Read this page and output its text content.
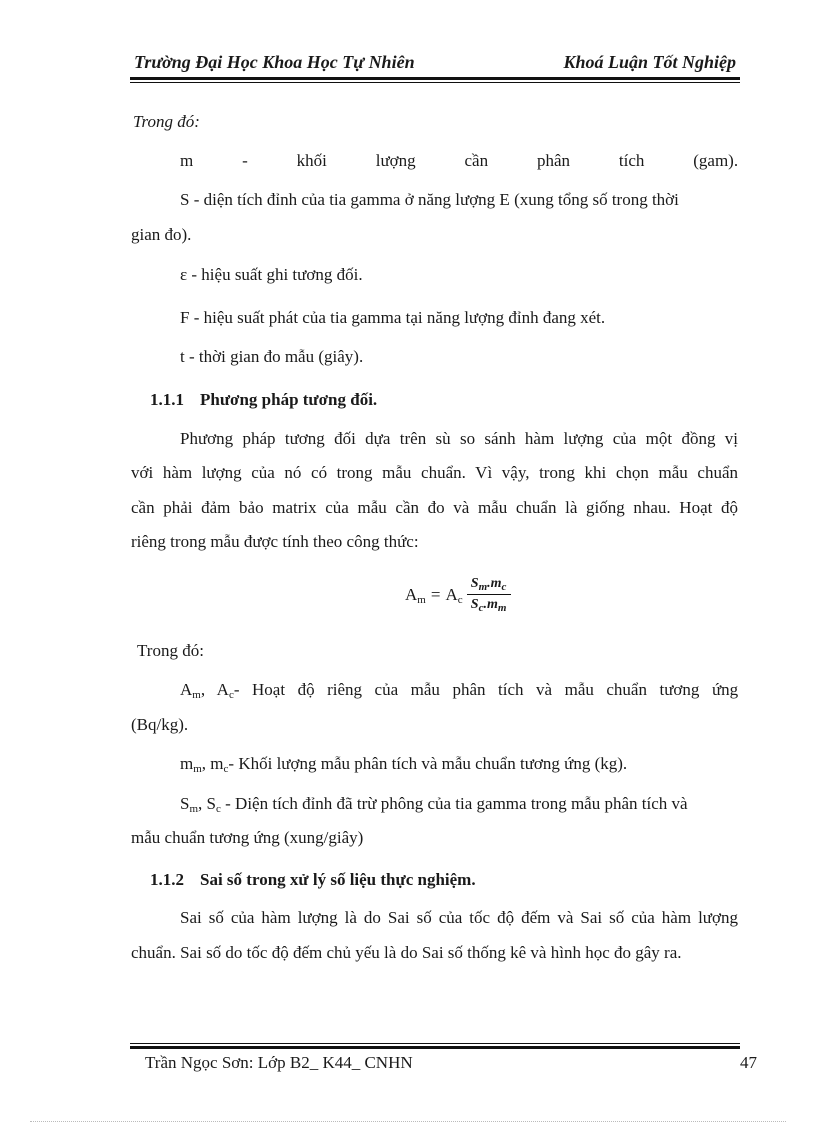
Trường Đại Học Khoa Học Tự Nhiên	Khoá Luận Tốt Nghiệp
Trong đó:
m	-	khối	lượng	cần	phân	tích	(gam).
S - diện tích đỉnh của tia gamma ở năng lượng E (xung tổng số trong thời
gian đo).
ε - hiệu suất ghi tương đối.
F - hiệu suất phát của tia gamma tại năng lượng đỉnh đang xét.
t - thời gian đo mẫu (giây).
1.1.1 Phương pháp tương đối.
Phương pháp tương đối dựa trên sù so sánh hàm lượng của một đồng vị
với hàm lượng của nó có trong mẫu chuẩn. Vì vậy, trong khi chọn mẫu chuẩn
cần phải đảm bảo matrix của mẫu cần đo và mẫu chuẩn là giống nhau. Hoạt độ
riêng trong mẫu được tính theo công thức:
$A_m = A_c \frac{S_m.m_c}{S_c.m_m}$
Trong đó:
$A_m$, $A_c-$ Hoạt độ riêng của mẫu phân tích và mẫu chuẩn tương ứng
(Bq/kg).
$m_m$, $m_c-$ Khối lượng mẫu phân tích và mẫu chuẩn tương ứng (kg).
$S_m$, $S_c$ - Diện tích đỉnh đã trừ phông của tia gamma trong mẫu phân tích và
mẫu chuẩn tương ứng (xung/giây)
1.1.2 Sai số trong xử lý số liệu thực nghiệm.
Sai số của hàm lượng là do Sai số của tốc độ đếm và Sai số của hàm lượng
chuẩn. Sai số do tốc độ đếm chủ yếu là do Sai số thống kê và hình học đo gây ra.
Trần Ngọc Sơn: Lớp B2_ K44_ CNHN	47
